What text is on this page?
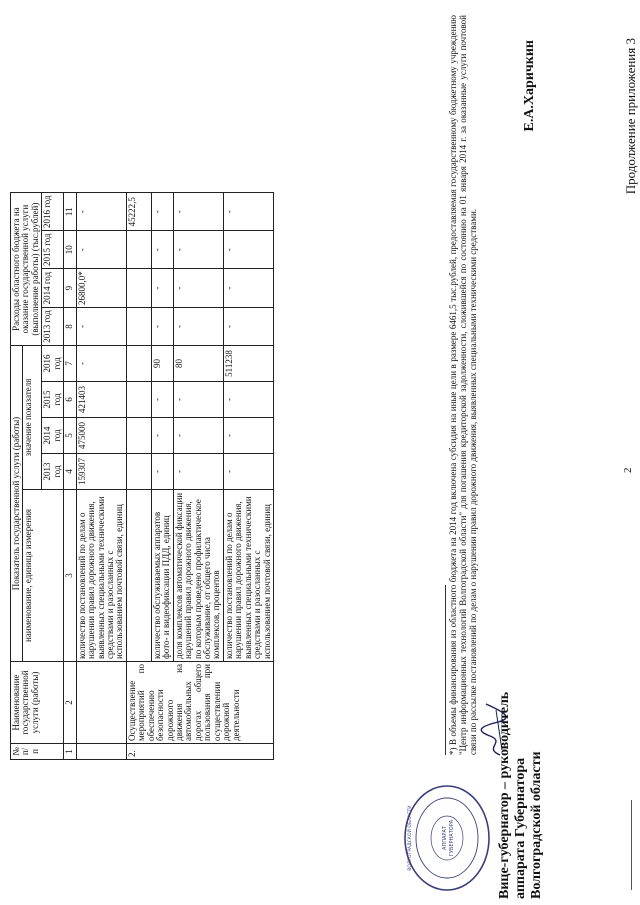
2
Продолжение приложения 3
№ п/п	Наименование государственной услуги (работы)	Показатель государственной услуги (работы)					Расходы областного бюджета на оказание государственной услуги (выполнение работы) (тыс.рублей)			
		наименование, единица измерения	значение показателя							
			2013 год	2014 год	2015 год	2016 год	2013 год	2014 год	2015 год	2016 год
1	2	3	4	5	6	7	8	9	10	11
		количество постановлений по делам о нарушении правил дорожного движения, выявленных специальными техническими средствами и разосланных с использованием почтовой связи, единиц	159307	475000	421403	-	-	26800,0*	-	-
2.	Осуществление мероприятий по обеспечению безопасности дорожного движения на автомобильных дорогах общего пользования при осуществлении дорожной деятельности									45222,5
		количество обслуживаемых аппаратов фото- и видеофиксации ПДД, единиц	-	-	-	90	-	-	-	-
		доля комплексов автоматической фиксации нарушений правил дорожного движения, по которым проведено профилактическое обслуживание, от общего числа комплексов, процентов	-	-	-	80	-	-	-	-
		количество постановлений по делам о нарушении правил дорожного движения, выявленных специальными техническими средствами и разосланных с использованием почтовой связи, единиц	-	-	-	511238	-	-	-	-	*) В объемы финансирования из областного бюджета на 2014 год включена субсидия на иные цели в размере 6461,5 тыс.рублей, предоставляемая государственному бюджетному учреждению "Центр информационных технологий Волгоградской области" для погашения кредиторской задолженности, сложившейся по состоянию на 01 января 2014 г. за оказанные услуги почтовой связи по рассылке постановлений по делам о нарушении правил дорожного движения, выявленных специальными техническими средствами.
АППАРАТ ГУБЕРНАТОРА
ВОЛГОГРАДСКОЙ ОБЛАСТИ	Вице-губернатор – руководитель аппарата Губернатора Волгоградской области
Е.А.Харичкин
